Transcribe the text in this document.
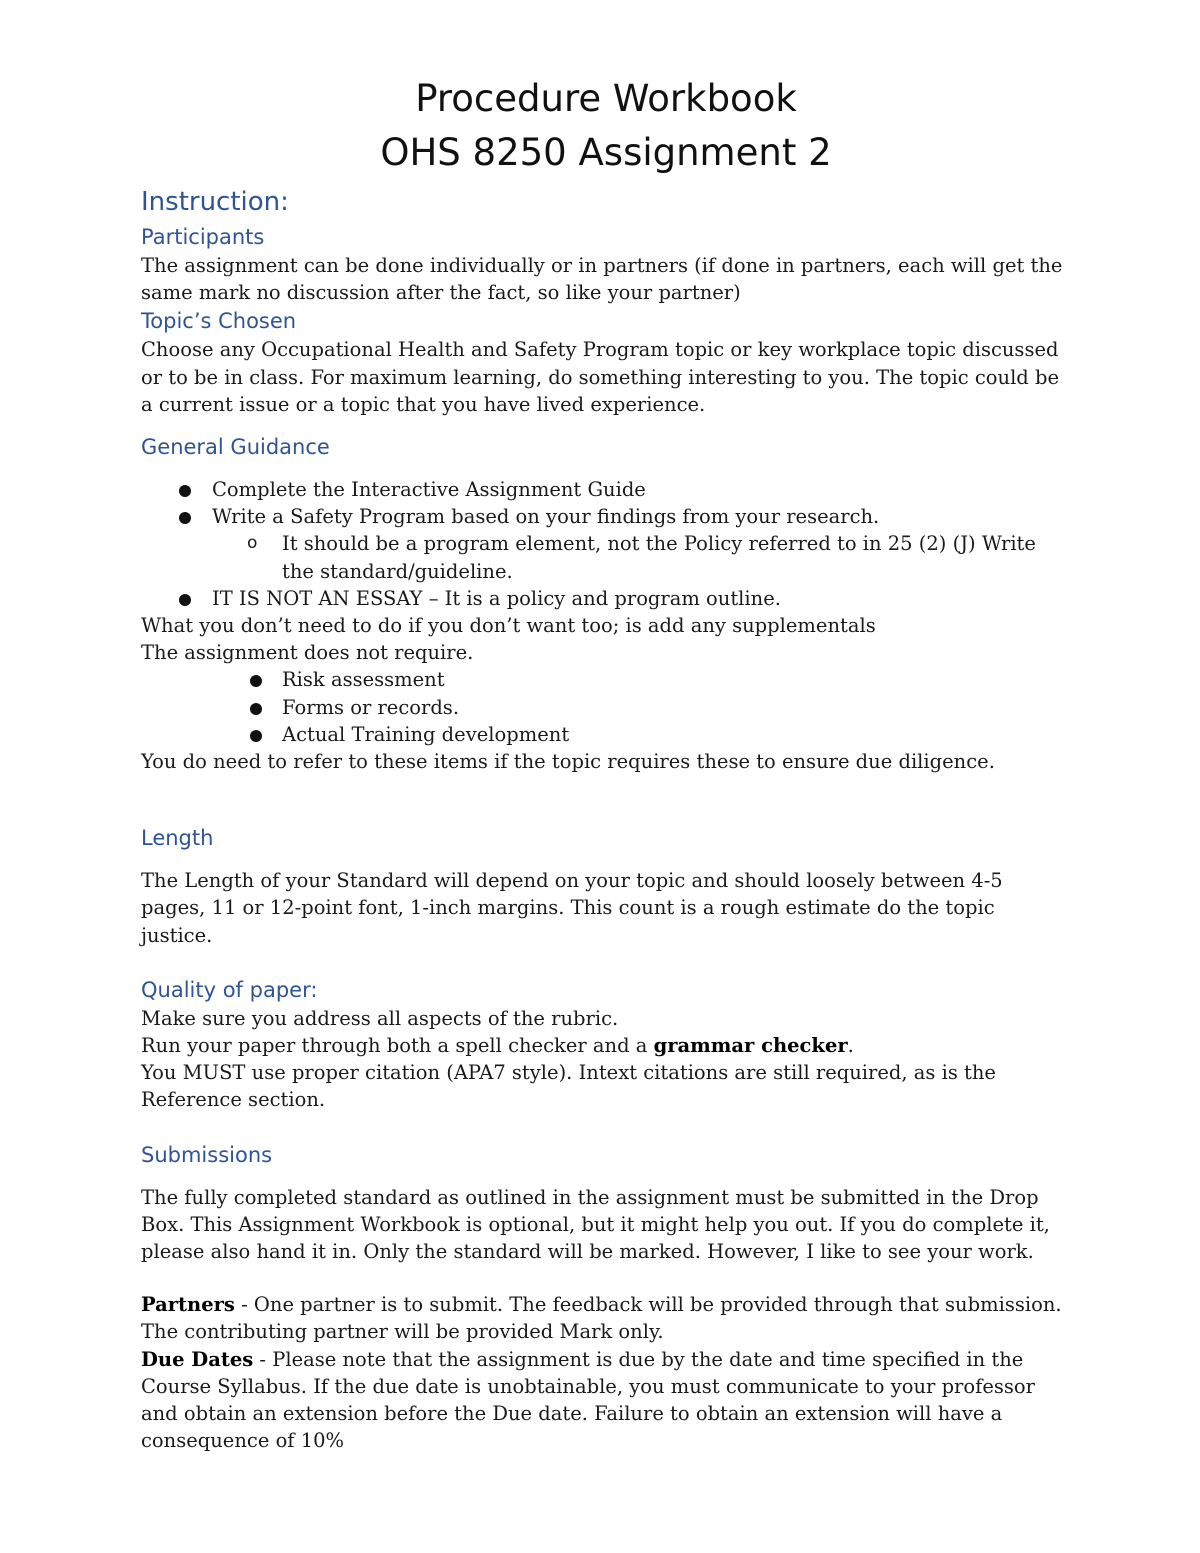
Procedure Workbook

OHS 8250 Assignment 2

Instruction:

Participants

The assignment can be done individually or in partners (if done in partners, each will get the same mark no discussion after the fact, so like your partner)

Topic’s Chosen

Choose any Occupational Health and Safety Program topic or key workplace topic discussed or to be in class. For maximum learning, do something interesting to you. The topic could be a current issue or a topic that you have lived experience.

General Guidance

Complete the Interactive Assignment Guide
Write a Safety Program based on your findings from your research.
o It should be a program element, not the Policy referred to in 25 (2) (J) Write the standard/guideline.
IT IS NOT AN ESSAY – It is a policy and program outline.

What you don’t need to do if you don’t want too; is add any supplementals

The assignment does not require.

Risk assessment
Forms or records.
Actual Training development

You do need to refer to these items if the topic requires these to ensure due diligence.

Length

The Length of your Standard will depend on your topic and should loosely between 4-5 pages, 11 or 12-point font, 1-inch margins. This count is a rough estimate do the topic justice.

Quality of paper:

Make sure you address all aspects of the rubric.

Run your paper through both a spell checker and a grammar checker.

You MUST use proper citation (APA7 style). Intext citations are still required, as is the Reference section.

Submissions

The fully completed standard as outlined in the assignment must be submitted in the Drop Box. This Assignment Workbook is optional, but it might help you out. If you do complete it, please also hand it in. Only the standard will be marked. However, I like to see your work.

Partners - One partner is to submit. The feedback will be provided through that submission. The contributing partner will be provided Mark only.

Due Dates - Please note that the assignment is due by the date and time specified in the Course Syllabus. If the due date is unobtainable, you must communicate to your professor and obtain an extension before the Due date. Failure to obtain an extension will have a consequence of 10%
